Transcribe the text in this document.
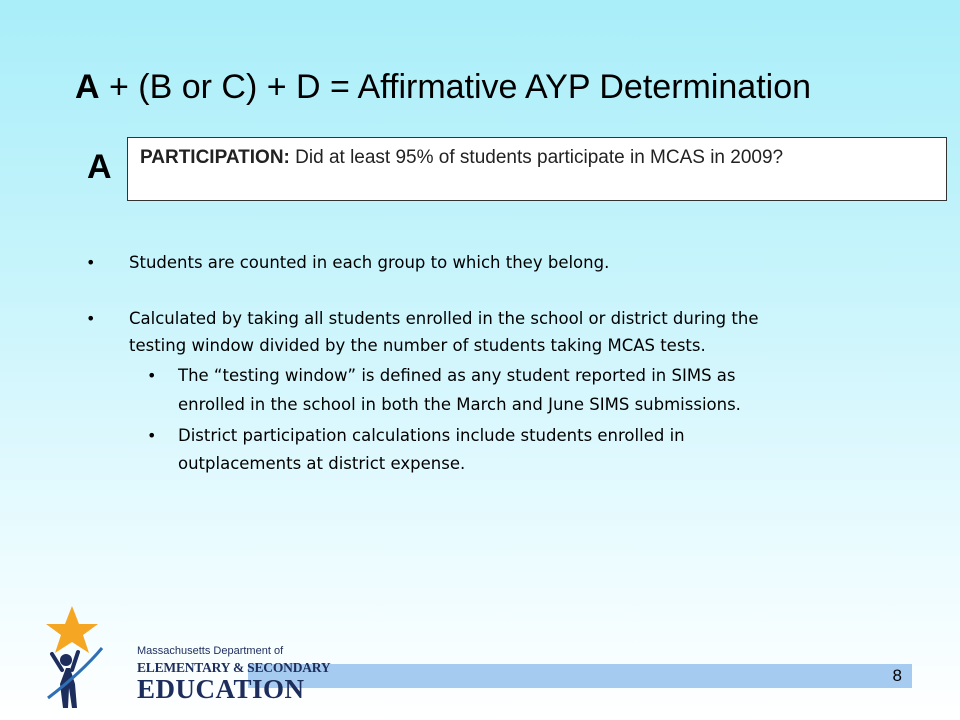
A + (B or C) + D = Affirmative AYP Determination
A	PARTICIPATION: Did at least 95% of students participate in MCAS in 2009?
• Students are counted in each group to which they belong.
• Calculated by taking all students enrolled in the school or district during the
testing window divided by the number of students taking MCAS tests.
• The “testing window” is defined as any student reported in SIMS as
enrolled in the school in both the March and June SIMS submissions.
• District participation calculations include students enrolled in
outplacements at district expense.
8
Massachusetts Department of
ELEMENTARY & SECONDARY
EDUCATION
